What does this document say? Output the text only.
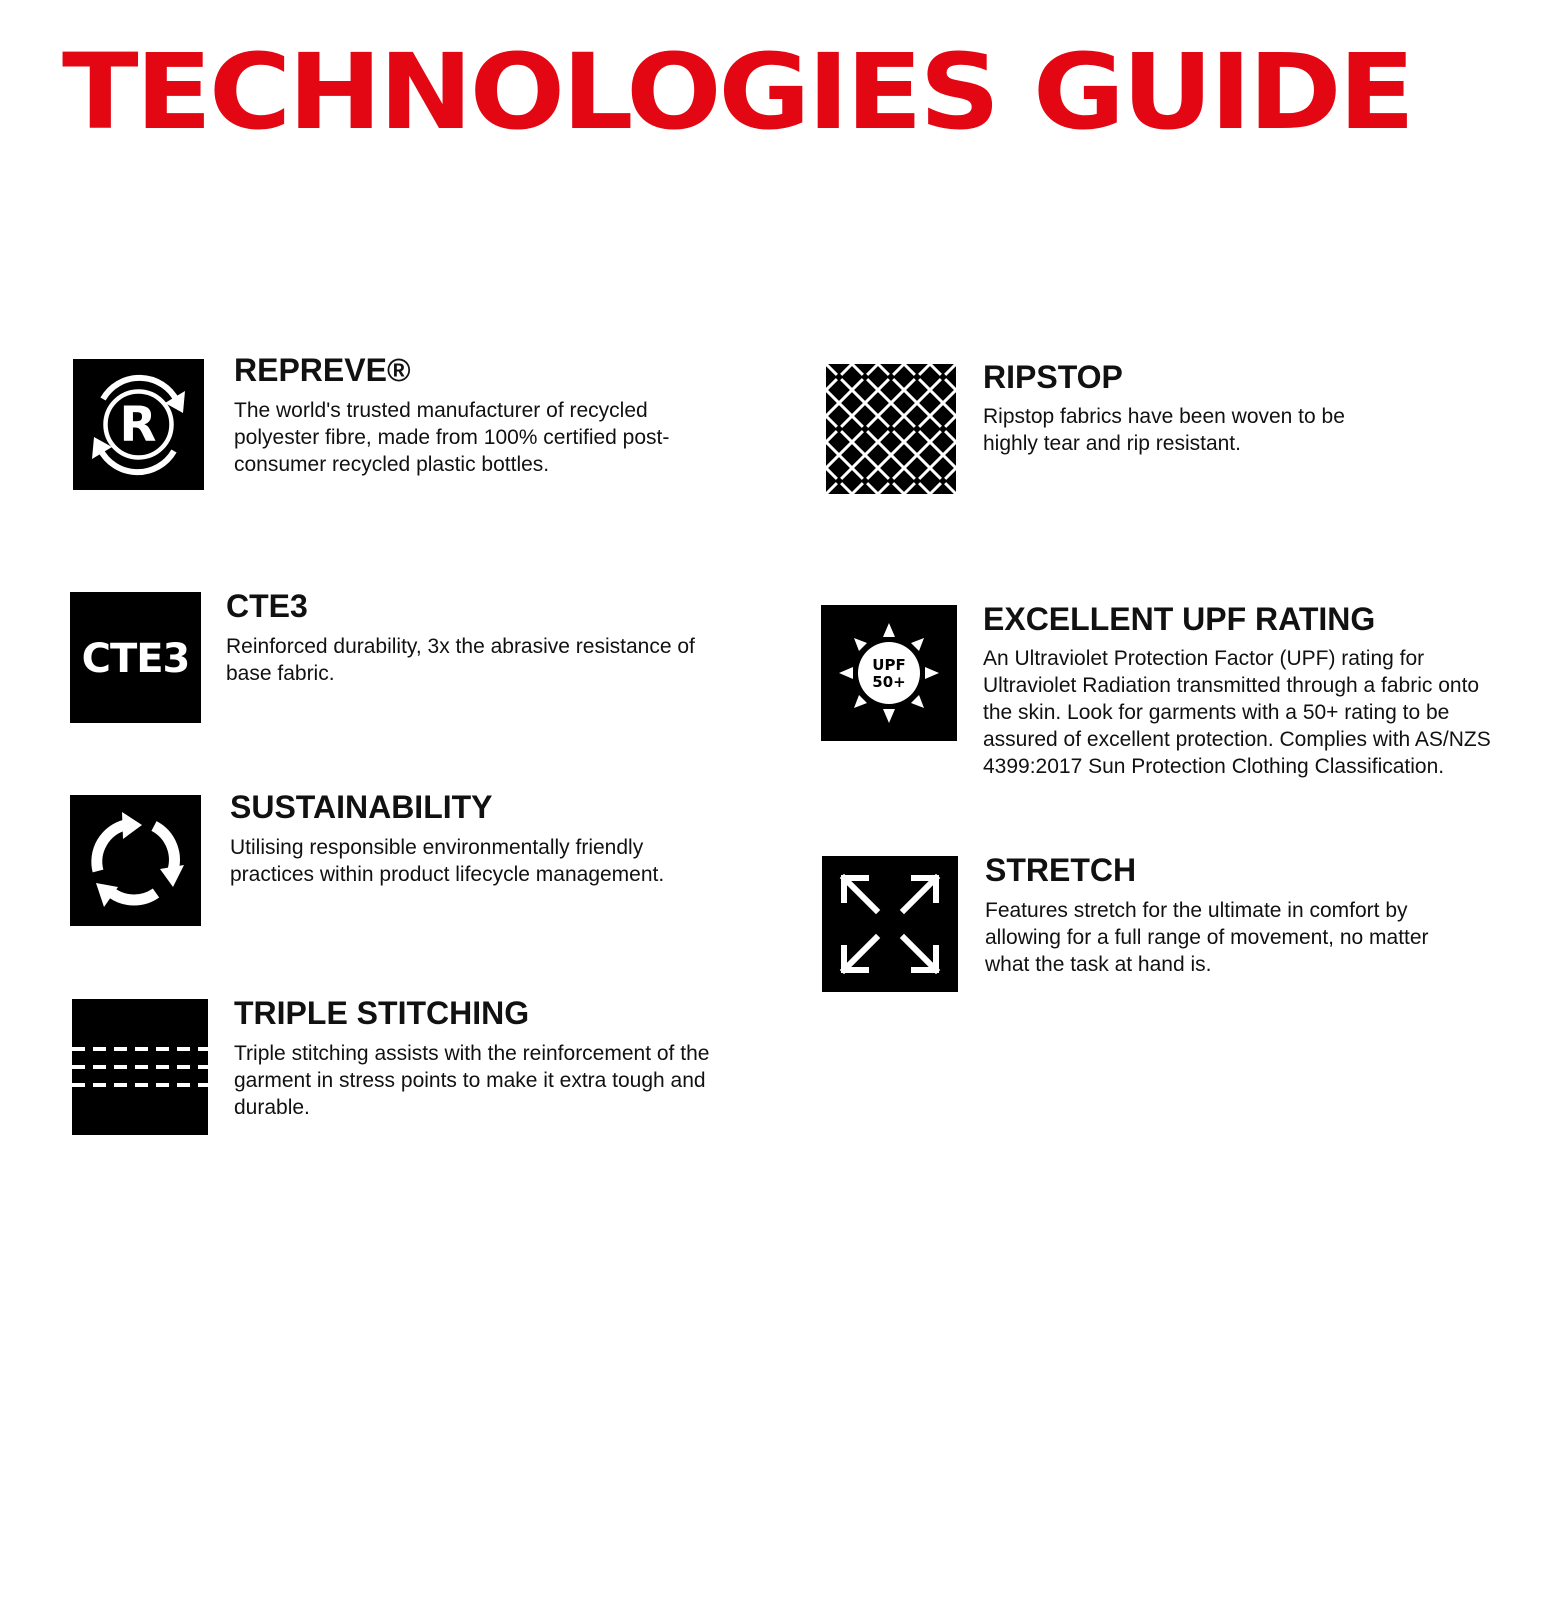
TECHNOLOGIES GUIDE
R
REPREVE®

The world's trusted manufacturer of recycled polyester fibre, made from 100% certified post-consumer recycled plastic bottles.

RIPSTOP

Ripstop fabrics have been woven to be highly tear and rip resistant.

CTE3
CTE3

Reinforced durability, 3x the abrasive resistance of base fabric.	UPF
50+
EXCELLENT UPF RATING

An Ultraviolet Protection Factor (UPF) rating for Ultraviolet Radiation transmitted through a fabric onto the skin. Look for garments with a 50+ rating to be assured of excellent protection. Complies with AS/NZS 4399:2017 Sun Protection Clothing Classification.

SUSTAINABILITY

Utilising responsible environmentally friendly practices within product lifecycle management.	STRETCH

Features stretch for the ultimate in comfort by allowing for a full range of movement, no matter what the task at hand is.

TRIPLE STITCHING

Triple stitching assists with the reinforcement of the garment in stress points to make it extra tough and durable.
